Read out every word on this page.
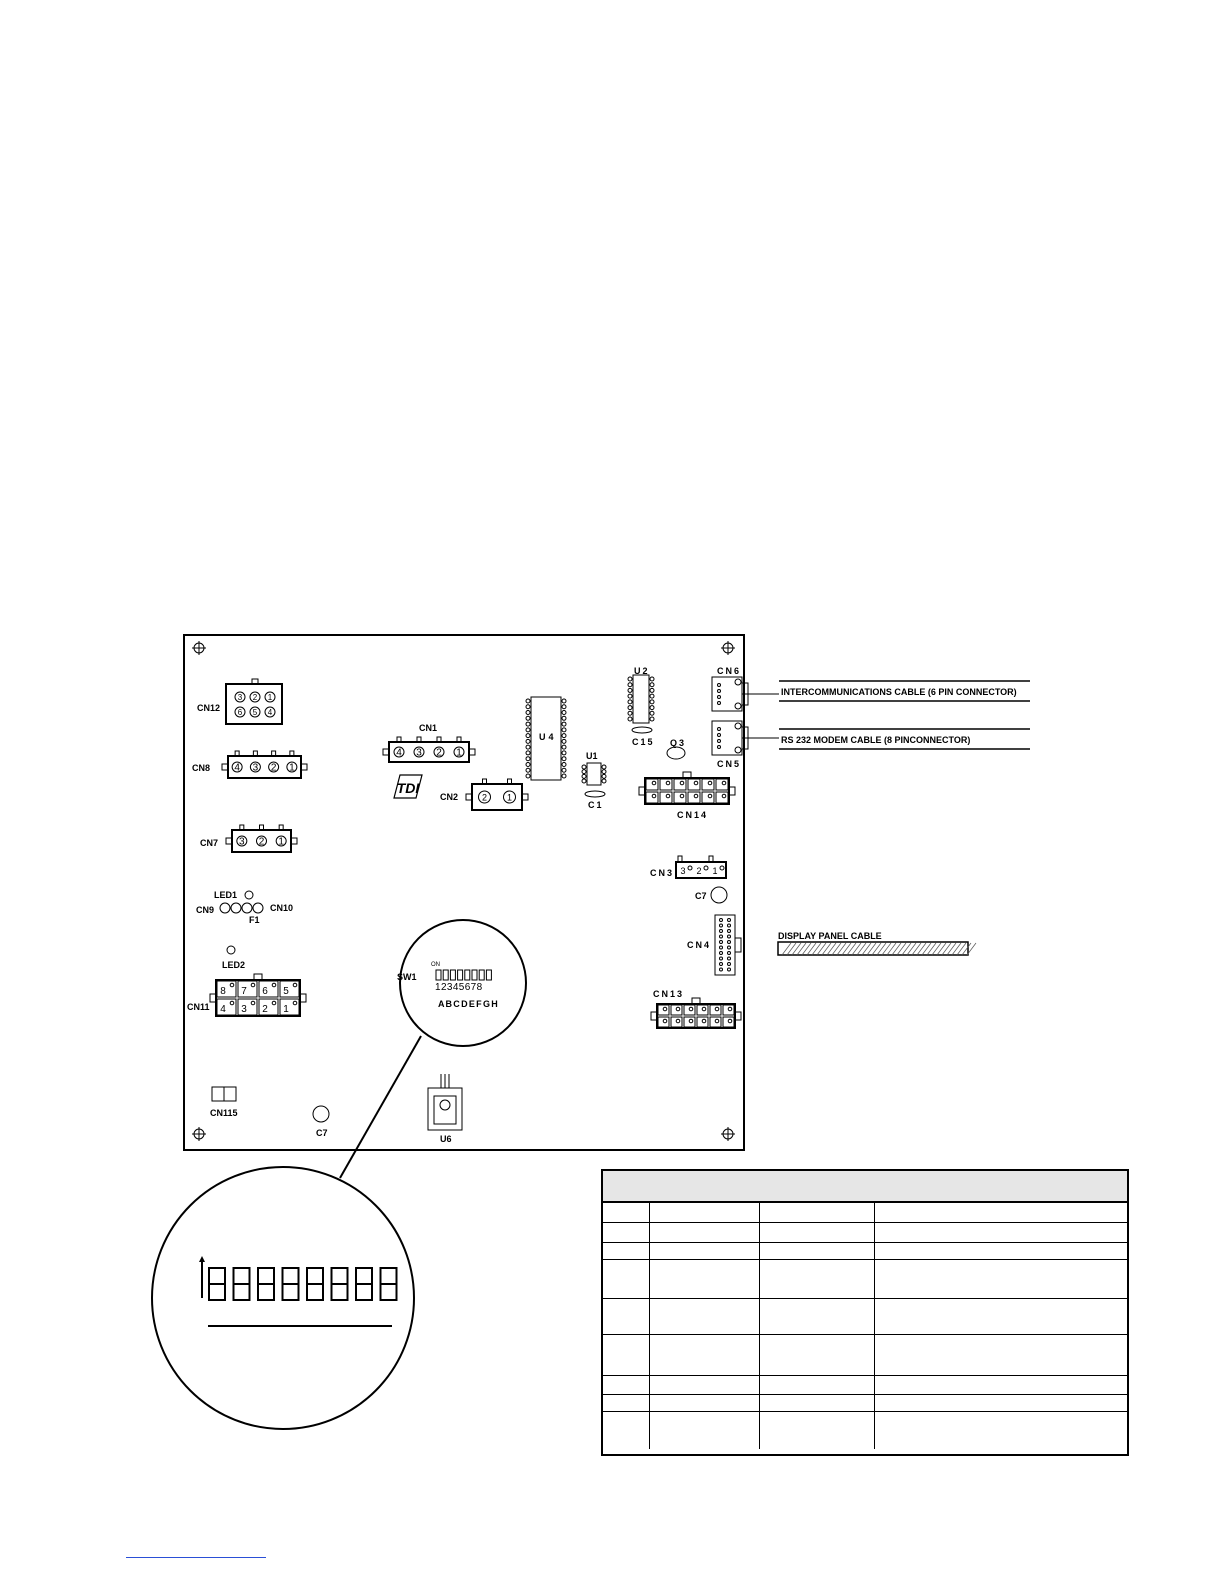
4 3 2 1
4 3 2 1
2 1
3 2 1
3 2 1
6 5 4
3 2 1
8 7 6 5
4 3 2 1
TDI
CN12
CN8
CN7
CN1
CN2
U4
U2
U1
C1
C15 Q3
CN6
CN5
CN14
CN3
C7
CN4
CN13
LED1
CN9	CN10
F1
LED2
CN11
SW1
CN115
C7
U6
ON
1 2 3 4 5 6 7 8
A B C D E F G H
INTERCOMMUNICATIONS CABLE (6 PIN CONNECTOR)
RS 232 MODEM CABLE (8 PINCONNECTOR)
DISPLAY PANEL CABLE
